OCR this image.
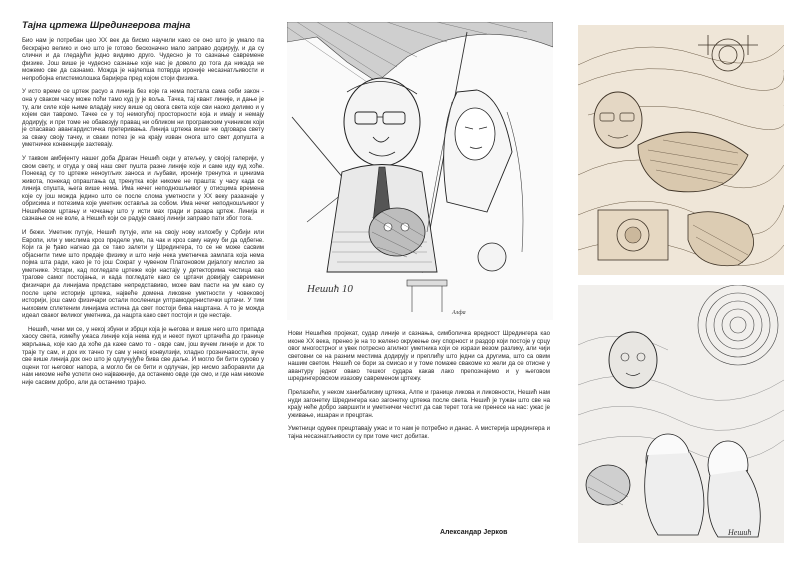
Тајна цртежа Шредингерова тајна

Био нам је потребан цео XX век да бисмо научили како се оно што је умало па бескрајно велико и оно што је готово бесконачно мало заправо додирују, и да су слични и да гледајући једно видимо друго. Чудесно је то сазнање савремене физике. Још више је чудесно сазнање које нас је довело до тога да никада не можемо све да сазнамо. Можда је најлепша потврда ироније несазнатљивости и непробојна епистемолошка баријера пред којом стоји физика.

У исто време се цртеж расуо а линија без које га нема постала сама себи закон - она у сваком часу може поћи тамо куд ју је воља. Тачка, тај квант линије, и дање је ту, али силе које њиме владају нису више од овога света које сви наоко делимо и у којем сви тавромо. Тачке се у тој немогућој просторности која и имају и немају додирују, и при томе не обавезују правац ни обликом ни програмским учиником који је спасавао авангардистичка претеривања. Линија цртежа више не одговара свету за сваку своју тачку, и сваки потез је на крају изван онога што свет допушта а уметничке конвенције захтевају.

У таквом амбијенту нашег доба Драган Нешић седи у атељеу, у својој галерији, у свом свету, и отуда у овај наш свет пушта разне линије које и саме иду куд хоће. Понекад су то цртеже неноугљих заноса и љубави, ироније тренутка и цинизма живота, понекад опраштања од тренутка који никоме не праштa: у часу када се линија спушта, њега више нема. Има нечег неподношљивог у отисцима времена које су још можда једино што се после слома уметности у XX веку разазнаје у обрисима и потезима које уметник оставља за собом. Има нечег неподношљивог у Нешићевом цртању и чочкању што у исти мах гради и разара цртеж. Линија и сазнање се не воле, а Нешић који се радује свакој линији заправо пати због тога.

И бежи. Уметник путује, Нешић путује, или на своју нову изложбу у Србији или Европи, или у мислима кроз пределе уме, па чак и кроз саму науку би да одбегне. Који га је ђаво нагнао да се тако залети у Шредингера, то се не може сасвим објаснити тиме што предаје физику и што није нека уметничка замлата која нема појма шта ради, како је то још Сократ у чувеном Платоновом дијалогу мислио за уметнике. Устари, кад погледате цртеже који настају у детекторима честица као трагове самог постојања, и када погледате како се цртачи довијају савремени физичари да линијама представе непредставиво, може вам пасти на ум како су после цепе историје цртежа, највеће домена ликовне уметности у човековој историји, још само физичари остали посленици ултрамодернистички цртачи. У тим њиховим сплетеним линијама истина да свет постоји бива нацртана. А то је можда идеал сваког великог уметника, да нацрта како свет постоји и где нестаје.

Нешић, чини ми се, у некој збуни и збрци која је његова и више него што припада хаосу света, измећу ужаса линије која нема куд и некот пукот цртачића до границе жврљања, које као да хоће да каже само то - овде сам, још вучем линије и док то траје ту сам, и док их тачно ту сам у некој конвулзији, хладно грозничавости, вуче све више линија док оно што је одлучујуће бива све даље. И могло би бити сурово у оцени тог његовог напора, а могло би се бити и одлучан, јер нисмо заборавили да нам никоме неће успети оно најважније, да останемо овде где смо, и где нам никоме није сасвим добро, али да останемо трајно.

Нешић 10
Алфа
Нешић

Нови Нешићев пројекат, судар линије и сазнања, симболичка вредност Шредингера као иконе XX века, пренео је на то желено окружење ону спорност и раздор који постоје у срцу овог многострног и увек потресно агилног уметника који се изрази везом разлику, али чији световни се на разним местима додирују и преплићу што једни са другима, што са овим нашим светом. Нешић се бори за смисао и у томе помаже свакоме ко жели да се отисне у авантуру једног овако тешког судара какав лако препознајемо и у његовом шредингеровском изазову савременом цртежу.

Прелазећи, у неком ханибализму цртежа, Алпе и границе ликова и ликовности, Нешић нам нуди загонетку Шредингера као загонетку цртежа после света. Нешић је тужан што све на крају неће добро завршити и уметнички честит да сав терет тога не пренесе на нас: ужас је уживање, ишаран и прецртан.

Уметници одувек прецртавају ужас и то нам је потребно и данас. А мистерија шредингера и тајна несазнатљивости су при томе чист добитак.

Александар Јерков
